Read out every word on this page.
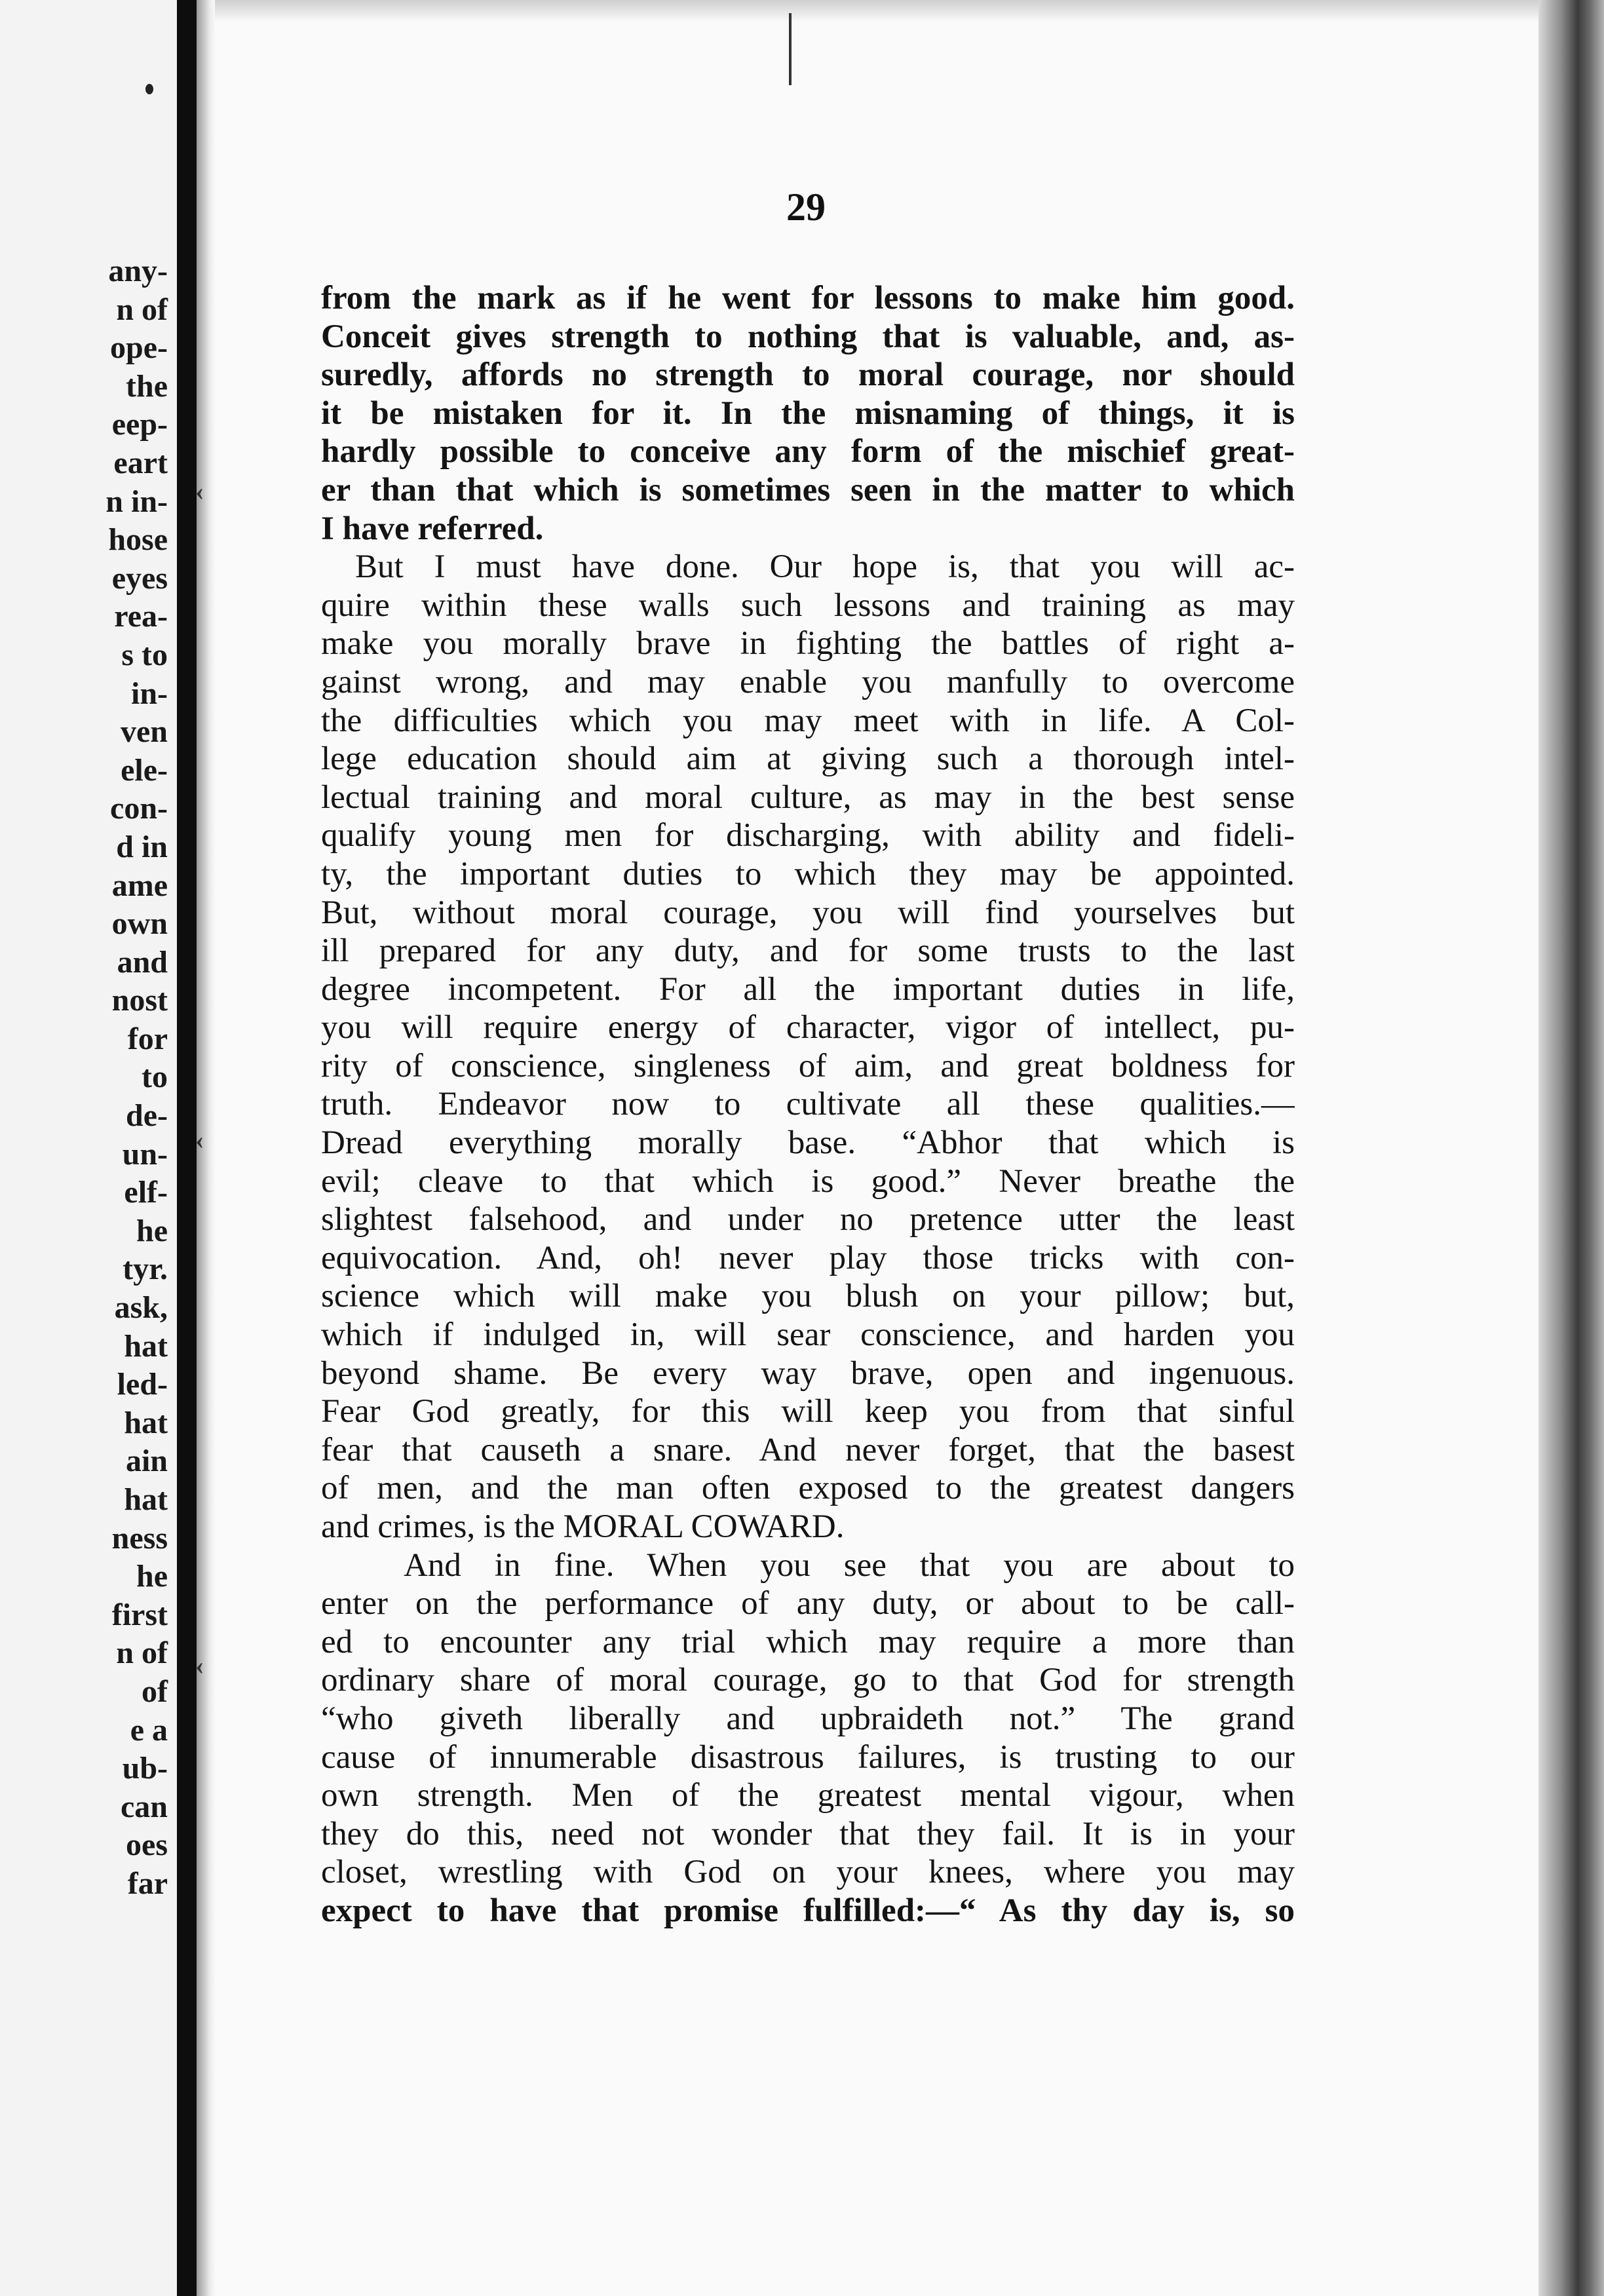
any-
n of
ope-
the
eep-
eart
n in-
hose
eyes
rea-
s to
in-
ven
ele-
con-
d in
ame
own
and
nost
for
to
de-
un-
elf-
he
tyr.
ask,
hat
led-
hat
ain
hat
ness
he
first
n of
of
e a
ub-
can
oes
far
‹
‹
‹
29
from the mark as if he went for lessons to make him good.
Conceit gives strength to nothing that is valuable, and, as-
suredly, affords no strength to moral courage, nor should
it be mistaken for it. In the misnaming of things, it is
hardly possible to conceive any form of the mischief great-
er than that which is sometimes seen in the matter to which
I have referred.
But I must have done. Our hope is, that you will ac-
quire within these walls such lessons and training as may
make you morally brave in fighting the battles of right a-
gainst wrong, and may enable you manfully to overcome
the difficulties which you may meet with in life. A Col-
lege education should aim at giving such a thorough intel-
lectual training and moral culture, as may in the best sense
qualify young men for discharging, with ability and fideli-
ty, the important duties to which they may be appointed.
But, without moral courage, you will find yourselves but
ill prepared for any duty, and for some trusts to the last
degree incompetent. For all the important duties in life,
you will require energy of character, vigor of intellect, pu-
rity of conscience, singleness of aim, and great boldness for
truth. Endeavor now to cultivate all these qualities.—
Dread everything morally base. “Abhor that which is
evil; cleave to that which is good.” Never breathe the
slightest falsehood, and under no pretence utter the least
equivocation. And, oh! never play those tricks with con-
science which will make you blush on your pillow; but,
which if indulged in, will sear conscience, and harden you
beyond shame. Be every way brave, open and ingenuous.
Fear God greatly, for this will keep you from that sinful
fear that causeth a snare. And never forget, that the basest
of men, and the man often exposed to the greatest dangers
and crimes, is the MORAL COWARD.
And in fine. When you see that you are about to
enter on the performance of any duty, or about to be call-
ed to encounter any trial which may require a more than
ordinary share of moral courage, go to that God for strength
“who giveth liberally and upbraideth not.” The grand
cause of innumerable disastrous failures, is trusting to our
own strength. Men of the greatest mental vigour, when
they do this, need not wonder that they fail. It is in your
closet, wrestling with God on your knees, where you may
expect to have that promise fulfilled:—“ As thy day is, so
